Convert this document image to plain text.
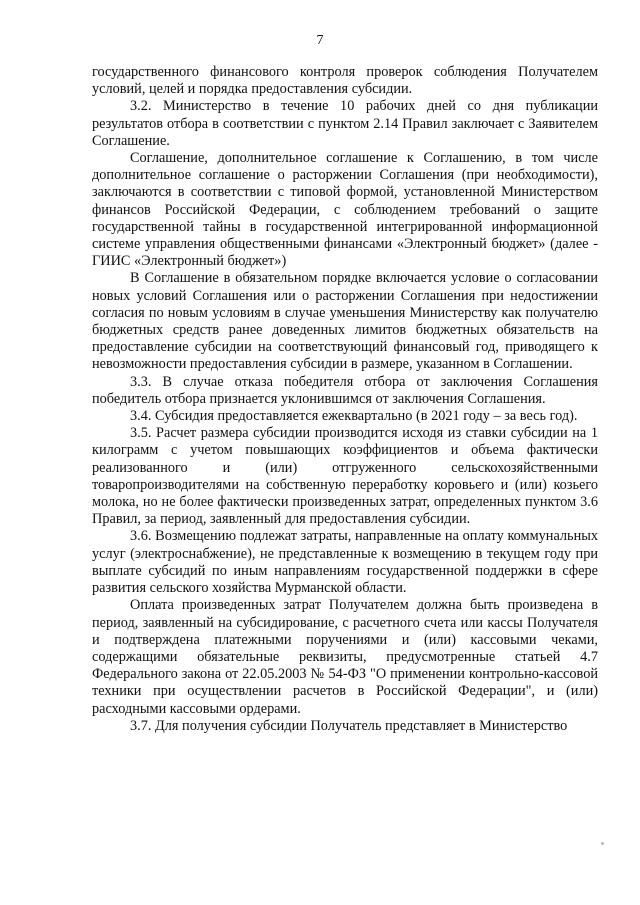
7

государственного финансового контроля проверок соблюдения Получателем условий, целей и порядка предоставления субсидии.

3.2. Министерство в течение 10 рабочих дней со дня публикации результатов отбора в соответствии с пунктом 2.14 Правил заключает с Заявителем Соглашение.

Соглашение, дополнительное соглашение к Соглашению, в том числе дополнительное соглашение о расторжении Соглашения (при необходимости), заключаются в соответствии с типовой формой, установленной Министерством финансов Российской Федерации, с соблюдением требований о защите государственной тайны в государственной интегрированной информационной системе управления общественными финансами «Электронный бюджет» (далее - ГИИС «Электронный бюджет»)

В Соглашение в обязательном порядке включается условие о согласовании новых условий Соглашения или о расторжении Соглашения при недостижении согласия по новым условиям в случае уменьшения Министерству как получателю бюджетных средств ранее доведенных лимитов бюджетных обязательств на предоставление субсидии на соответствующий финансовый год, приводящего к невозможности предоставления субсидии в размере, указанном в Соглашении.

3.3. В случае отказа победителя отбора от заключения Соглашения победитель отбора признается уклонившимся от заключения Соглашения.

3.4. Субсидия предоставляется ежеквартально (в 2021 году – за весь год).

3.5. Расчет размера субсидии производится исходя из ставки субсидии на 1 килограмм с учетом повышающих коэффициентов и объема фактически реализованного и (или) отгруженного сельскохозяйственными товаропроизводителями на собственную переработку коровьего и (или) козьего молока, но не более фактически произведенных затрат, определенных пунктом 3.6 Правил, за период, заявленный для предоставления субсидии.

3.6. Возмещению подлежат затраты, направленные на оплату коммунальных услуг (электроснабжение), не представленные к возмещению в текущем году при выплате субсидий по иным направлениям государственной поддержки в сфере развития сельского хозяйства Мурманской области.

Оплата произведенных затрат Получателем должна быть произведена в период, заявленный на субсидирование, с расчетного счета или кассы Получателя и подтверждена платежными поручениями и (или) кассовыми чеками, содержащими обязательные реквизиты, предусмотренные статьей 4.7 Федерального закона от 22.05.2003 № 54-ФЗ "О применении контрольно-кассовой техники при осуществлении расчетов в Российской Федерации", и (или) расходными кассовыми ордерами.

3.7. Для получения субсидии Получатель представляет в Министерство
